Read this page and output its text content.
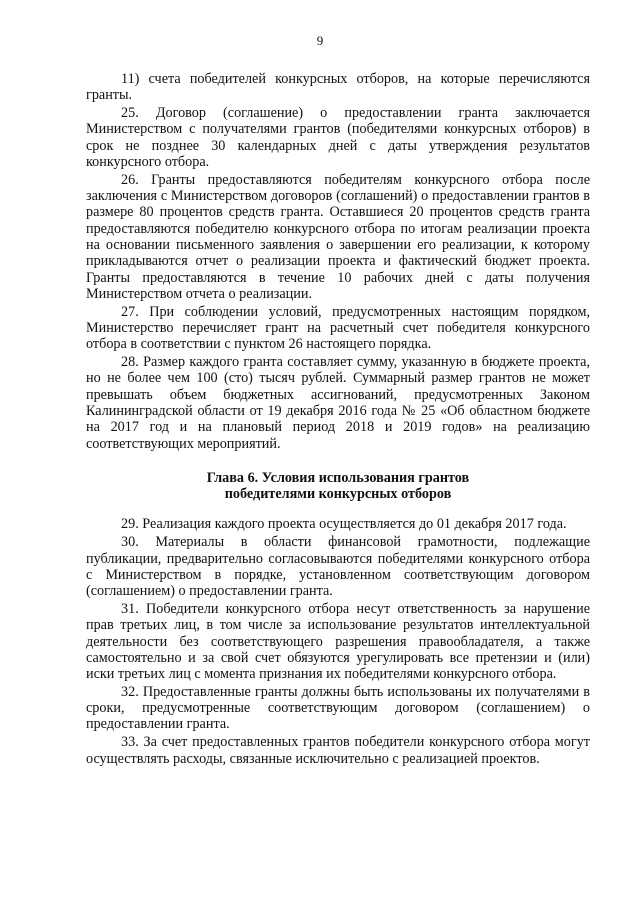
9

11) счета победителей конкурсных отборов, на которые перечисляются гранты.

25. Договор (соглашение) о предоставлении гранта заключается Министерством с получателями грантов (победителями конкурсных отборов) в срок не позднее 30 календарных дней с даты утверждения результатов конкурсного отбора.

26. Гранты предоставляются победителям конкурсного отбора после заключения с Министерством договоров (соглашений) о предоставлении грантов в размере 80 процентов средств гранта. Оставшиеся 20 процентов средств гранта предоставляются победителю конкурсного отбора по итогам реализации проекта на основании письменного заявления о завершении его реализации, к которому прикладываются отчет о реализации проекта и фактический бюджет проекта. Гранты предоставляются в течение 10 рабочих дней с даты получения Министерством отчета о реализации.

27. При соблюдении условий, предусмотренных настоящим порядком, Министерство перечисляет грант на расчетный счет победителя конкурсного отбора в соответствии с пунктом 26 настоящего порядка.

28. Размер каждого гранта составляет сумму, указанную в бюджете проекта, но не более чем 100 (сто) тысяч рублей. Суммарный размер грантов не может превышать объем бюджетных ассигнований, предусмотренных Законом Калининградской области от 19 декабря 2016 года № 25 «Об областном бюджете на 2017 год и на плановый период 2018 и 2019 годов» на реализацию соответствующих мероприятий.

Глава 6. Условия использования грантов
победителями конкурсных отборов

29. Реализация каждого проекта осуществляется до 01 декабря 2017 года.

30. Материалы в области финансовой грамотности, подлежащие публикации, предварительно согласовываются победителями конкурсного отбора с Министерством в порядке, установленном соответствующим договором (соглашением) о предоставлении гранта.

31. Победители конкурсного отбора несут ответственность за нарушение прав третьих лиц, в том числе за использование результатов интеллектуальной деятельности без соответствующего разрешения правообладателя, а также самостоятельно и за свой счет обязуются урегулировать все претензии и (или) иски третьих лиц с момента признания их победителями конкурсного отбора.

32. Предоставленные гранты должны быть использованы их получателями в сроки, предусмотренные соответствующим договором (соглашением) о предоставлении гранта.

33. За счет предоставленных грантов победители конкурсного отбора могут осуществлять расходы, связанные исключительно с реализацией проектов.
